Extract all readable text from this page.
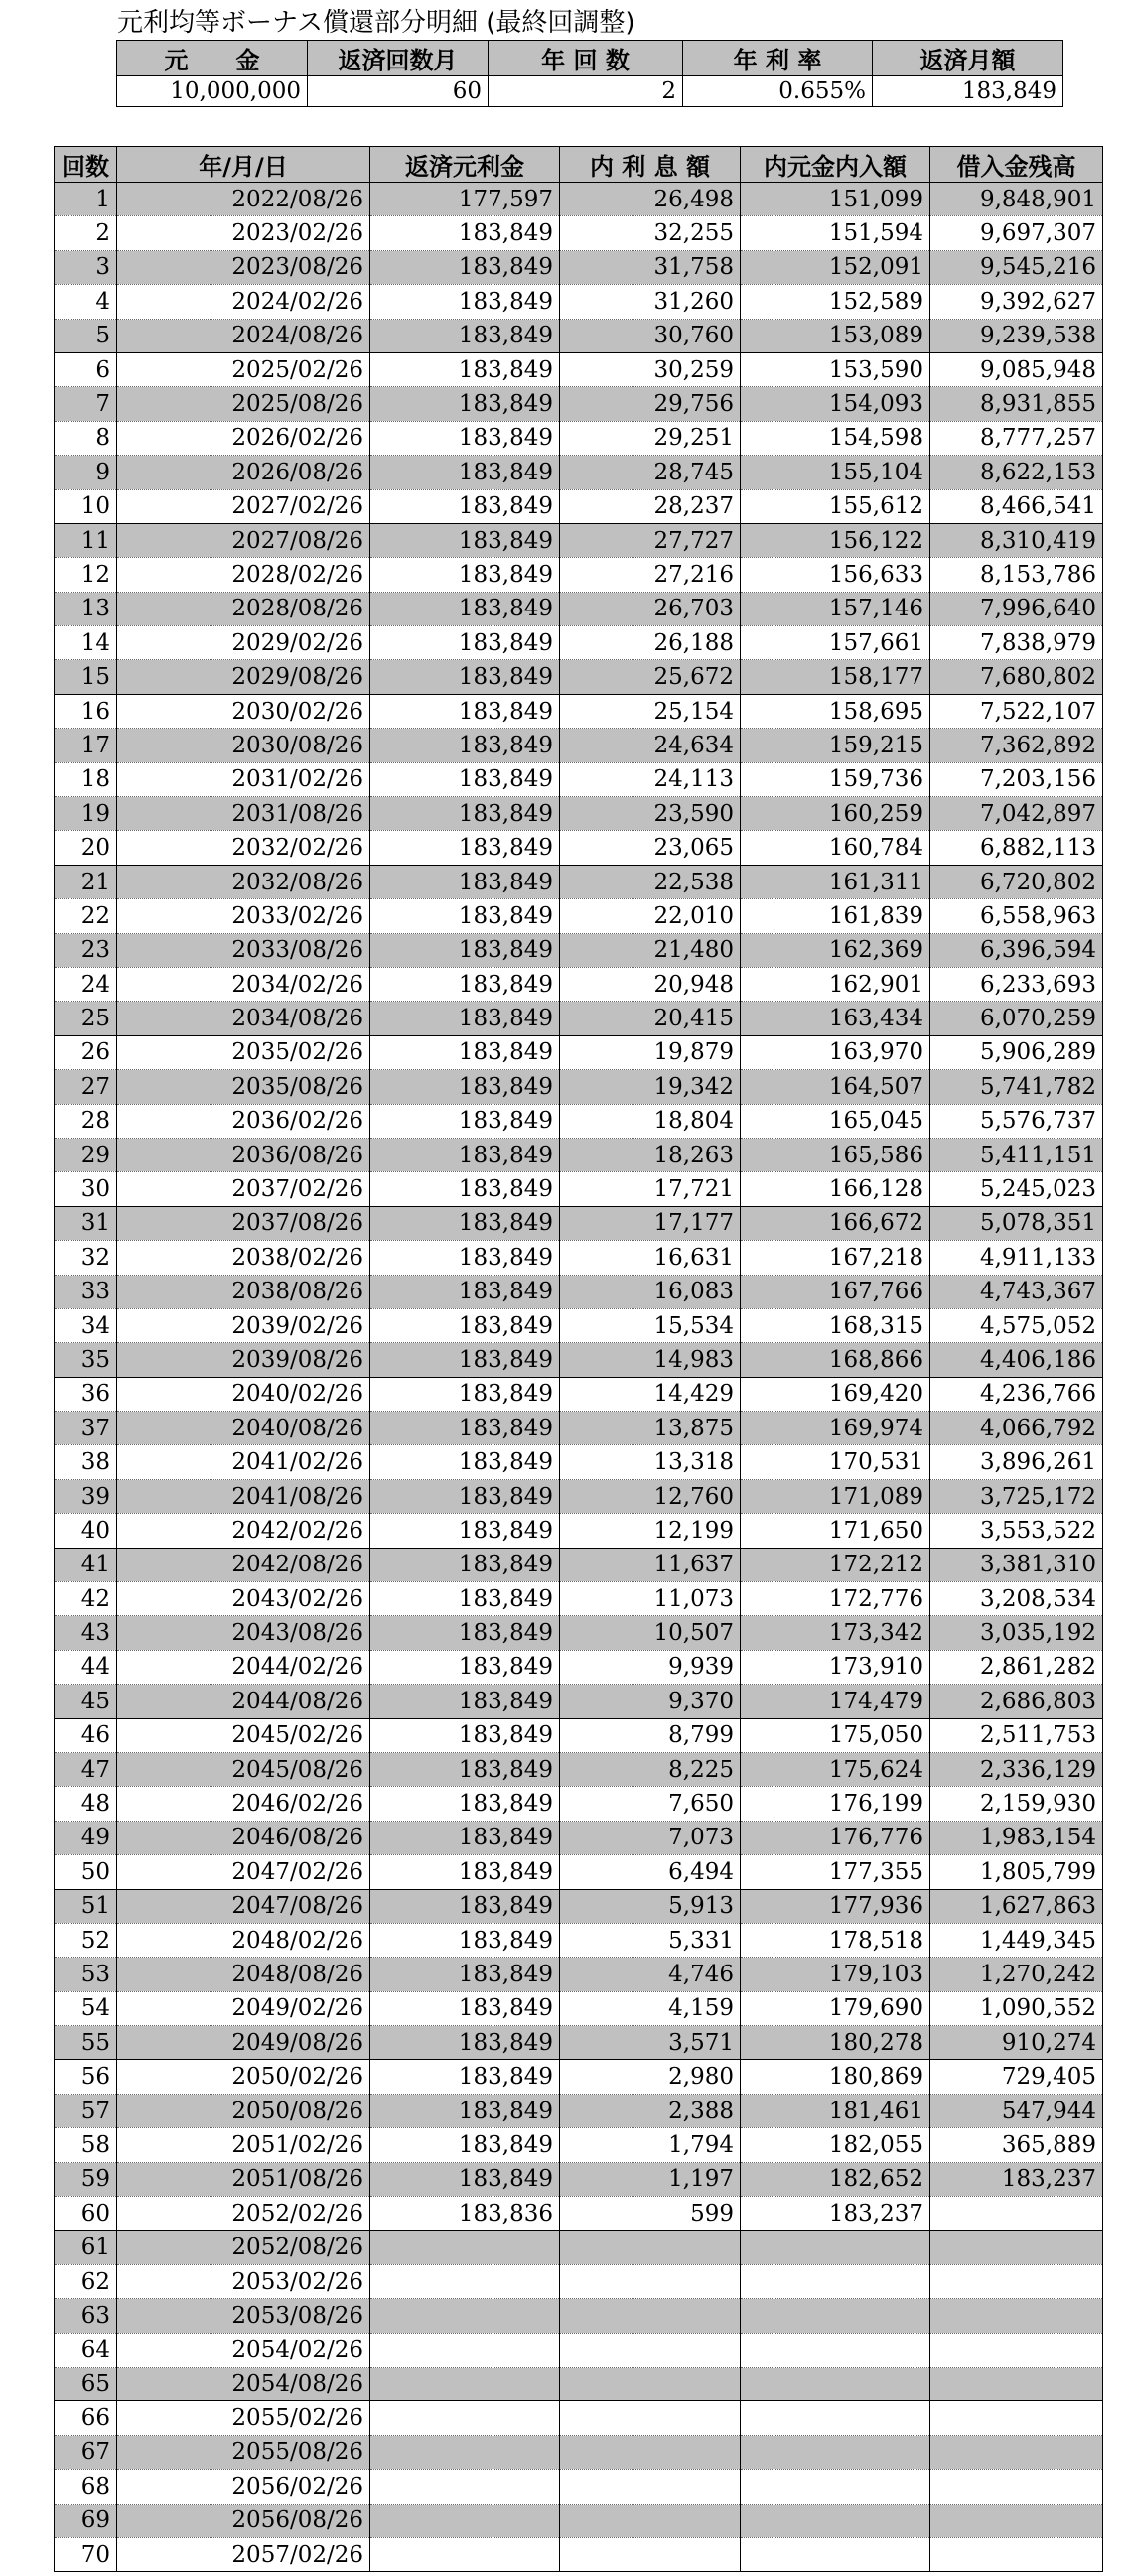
元利均等ボーナス償還部分明細 (最終回調整)
元　　金	返済回数月	年 回 数	年 利 率	返済月額
10,000,000	60	2	0.655%	183,849
回数	年/月/日	返済元利金	内 利 息 額	内元金内入額	借入金残高
1	2022/08/26	177,597	26,498	151,099	9,848,901
2	2023/02/26	183,849	32,255	151,594	9,697,307
3	2023/08/26	183,849	31,758	152,091	9,545,216
4	2024/02/26	183,849	31,260	152,589	9,392,627
5	2024/08/26	183,849	30,760	153,089	9,239,538
6	2025/02/26	183,849	30,259	153,590	9,085,948
7	2025/08/26	183,849	29,756	154,093	8,931,855
8	2026/02/26	183,849	29,251	154,598	8,777,257
9	2026/08/26	183,849	28,745	155,104	8,622,153
10	2027/02/26	183,849	28,237	155,612	8,466,541
11	2027/08/26	183,849	27,727	156,122	8,310,419
12	2028/02/26	183,849	27,216	156,633	8,153,786
13	2028/08/26	183,849	26,703	157,146	7,996,640
14	2029/02/26	183,849	26,188	157,661	7,838,979
15	2029/08/26	183,849	25,672	158,177	7,680,802
16	2030/02/26	183,849	25,154	158,695	7,522,107
17	2030/08/26	183,849	24,634	159,215	7,362,892
18	2031/02/26	183,849	24,113	159,736	7,203,156
19	2031/08/26	183,849	23,590	160,259	7,042,897
20	2032/02/26	183,849	23,065	160,784	6,882,113
21	2032/08/26	183,849	22,538	161,311	6,720,802
22	2033/02/26	183,849	22,010	161,839	6,558,963
23	2033/08/26	183,849	21,480	162,369	6,396,594
24	2034/02/26	183,849	20,948	162,901	6,233,693
25	2034/08/26	183,849	20,415	163,434	6,070,259
26	2035/02/26	183,849	19,879	163,970	5,906,289
27	2035/08/26	183,849	19,342	164,507	5,741,782
28	2036/02/26	183,849	18,804	165,045	5,576,737
29	2036/08/26	183,849	18,263	165,586	5,411,151
30	2037/02/26	183,849	17,721	166,128	5,245,023
31	2037/08/26	183,849	17,177	166,672	5,078,351
32	2038/02/26	183,849	16,631	167,218	4,911,133
33	2038/08/26	183,849	16,083	167,766	4,743,367
34	2039/02/26	183,849	15,534	168,315	4,575,052
35	2039/08/26	183,849	14,983	168,866	4,406,186
36	2040/02/26	183,849	14,429	169,420	4,236,766
37	2040/08/26	183,849	13,875	169,974	4,066,792
38	2041/02/26	183,849	13,318	170,531	3,896,261
39	2041/08/26	183,849	12,760	171,089	3,725,172
40	2042/02/26	183,849	12,199	171,650	3,553,522
41	2042/08/26	183,849	11,637	172,212	3,381,310
42	2043/02/26	183,849	11,073	172,776	3,208,534
43	2043/08/26	183,849	10,507	173,342	3,035,192
44	2044/02/26	183,849	9,939	173,910	2,861,282
45	2044/08/26	183,849	9,370	174,479	2,686,803
46	2045/02/26	183,849	8,799	175,050	2,511,753
47	2045/08/26	183,849	8,225	175,624	2,336,129
48	2046/02/26	183,849	7,650	176,199	2,159,930
49	2046/08/26	183,849	7,073	176,776	1,983,154
50	2047/02/26	183,849	6,494	177,355	1,805,799
51	2047/08/26	183,849	5,913	177,936	1,627,863
52	2048/02/26	183,849	5,331	178,518	1,449,345
53	2048/08/26	183,849	4,746	179,103	1,270,242
54	2049/02/26	183,849	4,159	179,690	1,090,552
55	2049/08/26	183,849	3,571	180,278	910,274
56	2050/02/26	183,849	2,980	180,869	729,405
57	2050/08/26	183,849	2,388	181,461	547,944
58	2051/02/26	183,849	1,794	182,055	365,889
59	2051/08/26	183,849	1,197	182,652	183,237
60	2052/02/26	183,836	599	183,237	
61	2052/08/26				
62	2053/02/26				
63	2053/08/26				
64	2054/02/26				
65	2054/08/26				
66	2055/02/26				
67	2055/08/26				
68	2056/02/26				
69	2056/08/26				
70	2057/02/26				
